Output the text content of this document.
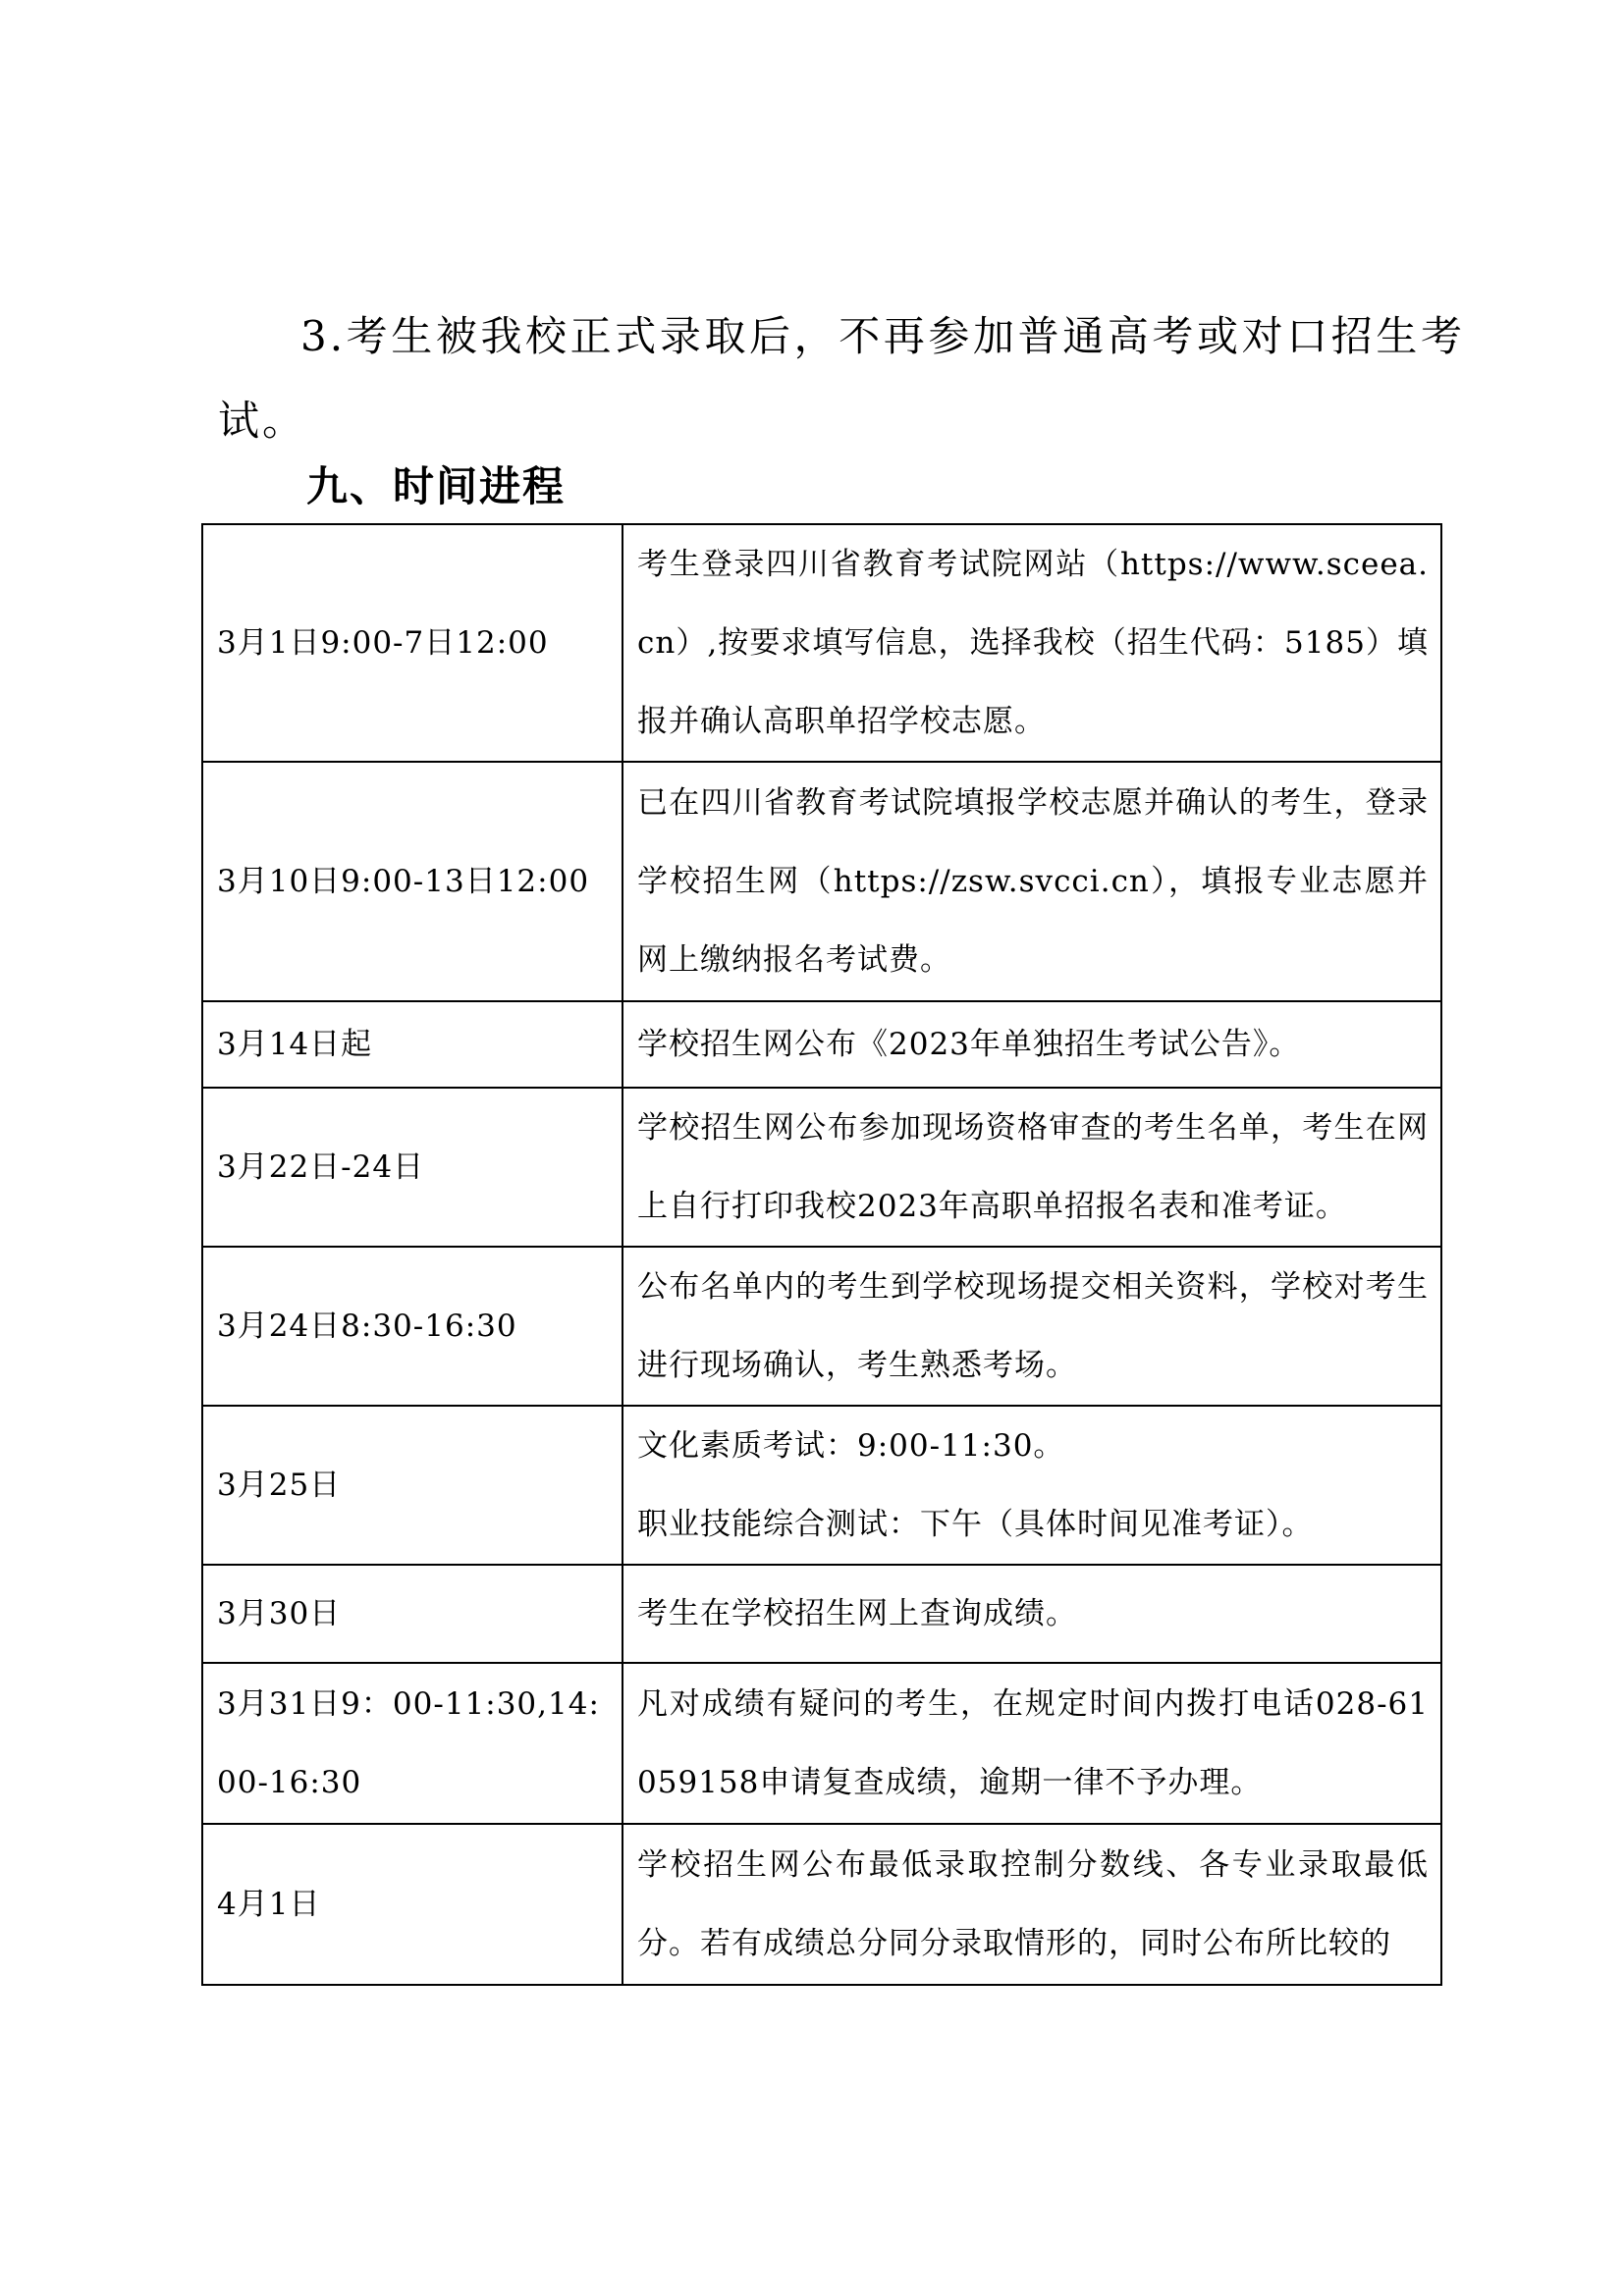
3.考生被我校正式录取后，不再参加普通高考或对口招生考试。

九、时间进程
3月1日9:00-7日12:00	考生登录四川省教育考试院网站（https://www.sceea.cn）,按要求填写信息，选择我校（招生代码：5185）填报并确认高职单招学校志愿。
3月10日9:00-13日12:00	已在四川省教育考试院填报学校志愿并确认的考生，登录学校招生网（https://zsw.svcci.cn），填报专业志愿并网上缴纳报名考试费。
3月14日起	学校招生网公布《2023年单独招生考试公告》。
3月22日-24日	学校招生网公布参加现场资格审查的考生名单，考生在网上自行打印我校2023年高职单招报名表和准考证。
3月24日8:30-16:30	公布名单内的考生到学校现场提交相关资料，学校对考生进行现场确认，考生熟悉考场。
3月25日	文化素质考试：9:00-11:30。
职业技能综合测试：下午（具体时间见准考证）。

3月30日	考生在学校招生网上查询成绩。
3月31日9：00-11:30,14:00-16:30	凡对成绩有疑问的考生，在规定时间内拨打电话028-61059158申请复查成绩，逾期一律不予办理。
4月1日	学校招生网公布最低录取控制分数线、各专业录取最低分。若有成绩总分同分录取情形的，同时公布所比较的
